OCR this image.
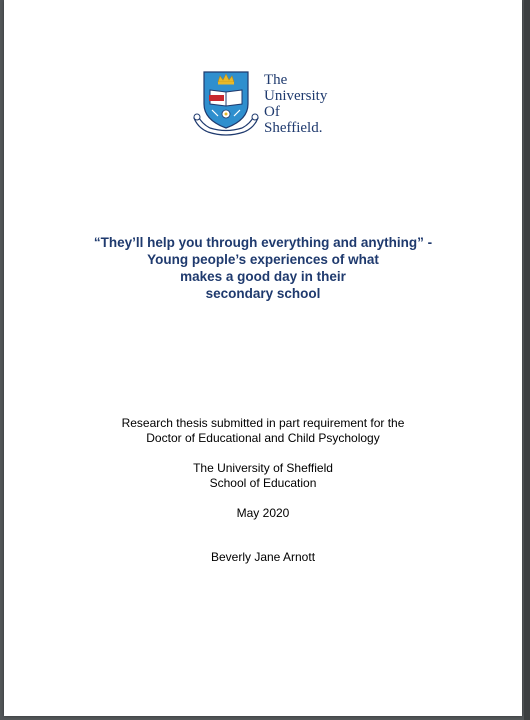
The
University
Of
Sheffield.
“They’ll help you through everything and anything” -
Young people’s experiences of what
makes a good day in their
secondary school
Research thesis submitted in part requirement for the
Doctor of Educational and Child Psychology
The University of Sheffield
School of Education
May 2020
Beverly Jane Arnott
